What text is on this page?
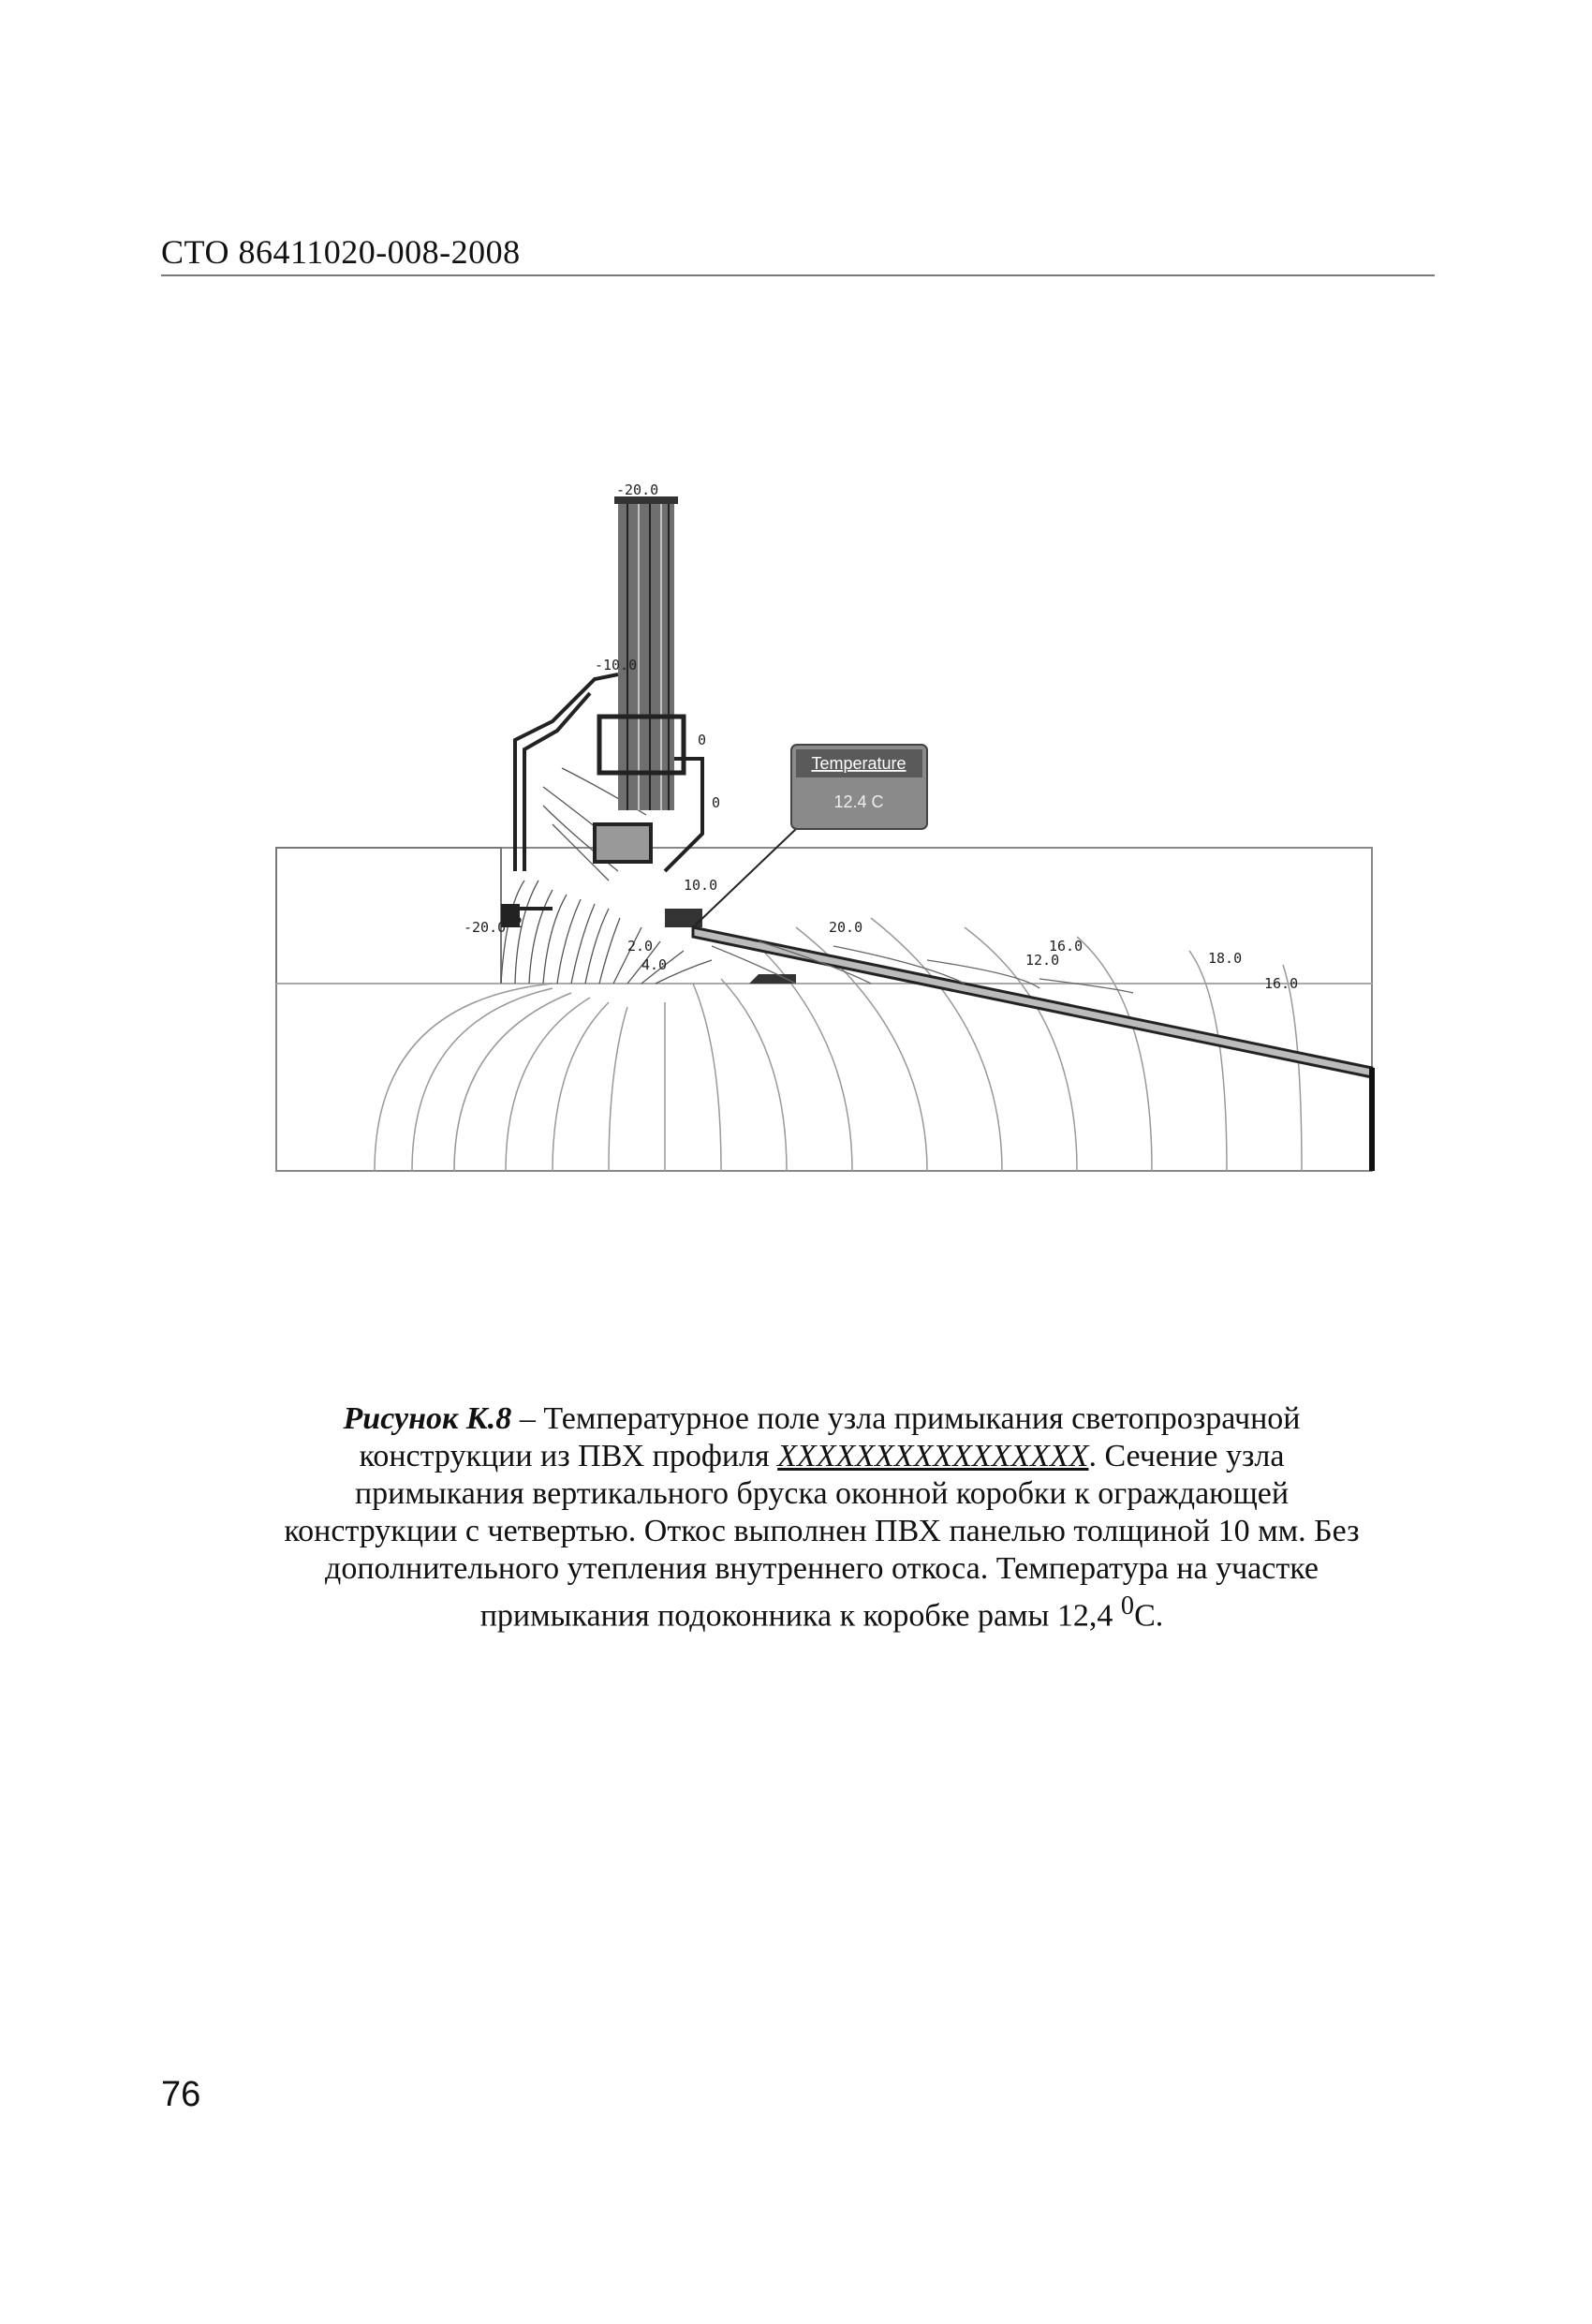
СТО 86411020-008-2008
Temperature
12.4 C
-20.0
-20.0
-10.0
0
0
10.0
20.0
16.0
18.0
12.0
16.0
-2
2.0
4.0
Рисунок К.8 – Температурное поле узла примыкания светопрозрачной конструкции из ПВХ профиля XXXXXXXXXXXXXXXX. Сечение узла примыкания вертикального бруска оконной коробки к ограждающей конструкции с четвертью. Откос выполнен ПВХ панелью толщиной 10 мм. Без дополнительного утепления внутреннего откоса. Температура на участке примыкания подоконника к коробке рамы 12,4 $^0$С.
76
